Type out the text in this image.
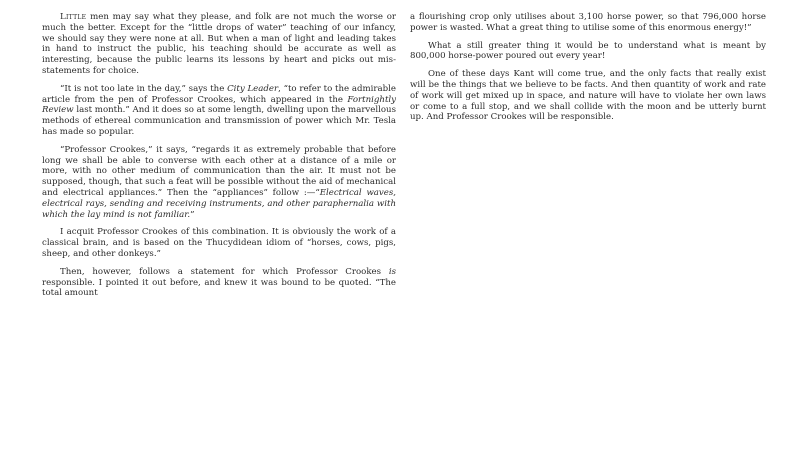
Little men may say what they please, and folk are not much the worse or much the better. Except for the “little drops of water” teaching of our infancy, we should say they were none at all. But when a man of light and leading takes in hand to instruct the public, his teaching should be accurate as well as interesting, because the public learns its lessons by heart and picks out mis-statements for choice.

“It is not too late in the day,” says the City Leader, “to refer to the admirable article from the pen of Professor Crookes, which appeared in the Fortnightly Review last month.” And it does so at some length, dwelling upon the marvellous methods of ethereal communication and transmission of power which Mr. Tesla has made so popular.

“Professor Crookes,” it says, “regards it as extremely probable that before long we shall be able to converse with each other at a distance of a mile or more, with no other medium of communication than the air. It must not be supposed, though, that such a feat will be possible without the aid of mechanical and electrical appliances.” Then the “appliances” follow :—“Electrical waves, electrical rays, sending and receiving instruments, and other paraphernalia with which the lay mind is not familiar.”

I acquit Professor Crookes of this combination. It is obviously the work of a classical brain, and is based on the Thucydidean idiom of “horses, cows, pigs, sheep, and other donkeys.”

Then, however, follows a statement for which Professor Crookes is responsible. I pointed it out before, and knew it was bound to be quoted. “The total amount

a flourishing crop only utilises about 3,100 horse power, so that 796,000 horse power is wasted. What a great thing to utilise some of this enormous energy!”

What a still greater thing it would be to understand what is meant by 800,000 horse-power poured out every year!

One of these days Kant will come true, and the only facts that really exist will be the things that we believe to be facts. And then quantity of work and rate of work will get mixed up in space, and nature will have to violate her own laws or come to a full stop, and we shall collide with the moon and be utterly burnt up. And Professor Crookes will be responsible.
